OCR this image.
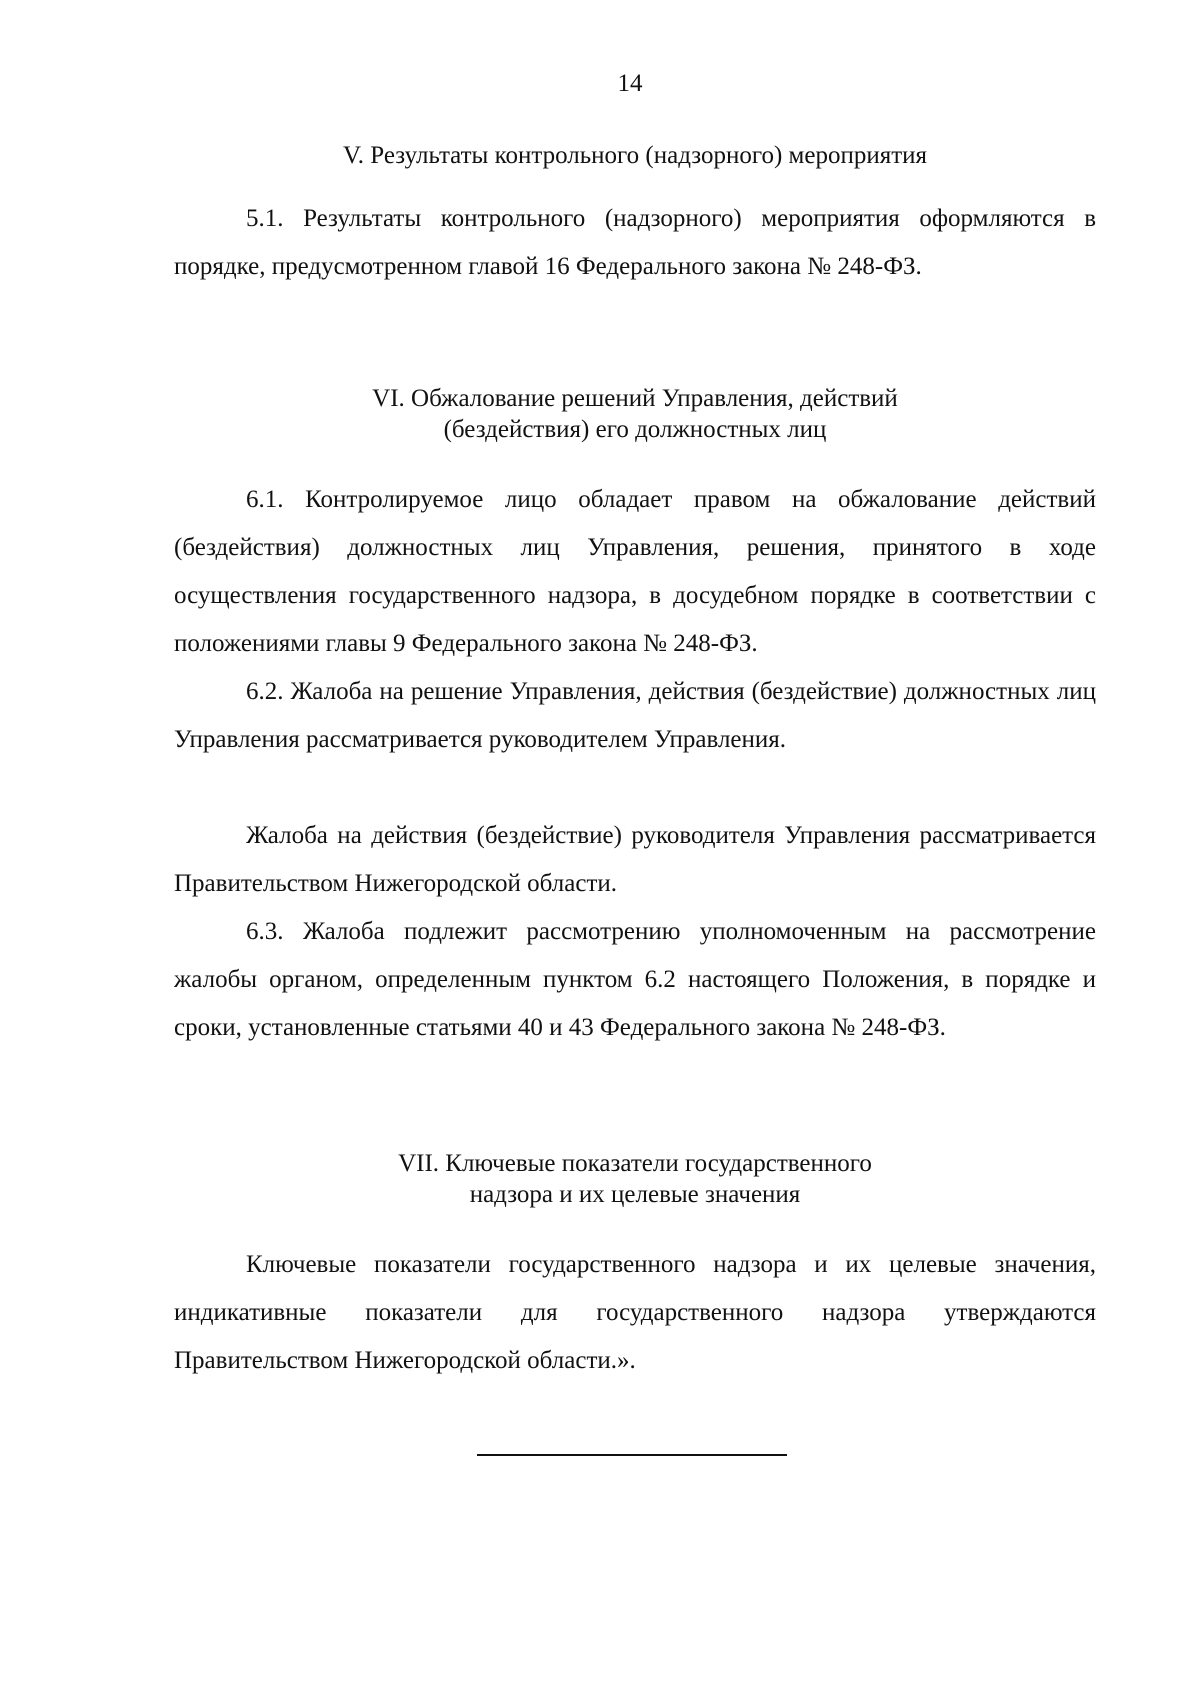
14
V. Результаты контрольного (надзорного) мероприятия

5.1. Результаты контрольного (надзорного) мероприятия оформляются в порядке, предусмотренном главой 16 Федерального закона № 248-ФЗ.

VI. Обжалование решений Управления, действий
(бездействия) его должностных лиц

6.1. Контролируемое лицо обладает правом на обжалование действий (бездействия) должностных лиц Управления, решения, принятого в ходе осуществления государственного надзора, в досудебном порядке в соответствии с положениями главы 9 Федерального закона № 248-ФЗ.

6.2. Жалоба на решение Управления, действия (бездействие) должностных лиц Управления рассматривается руководителем Управления.

Жалоба на действия (бездействие) руководителя Управления рассматривается Правительством Нижегородской области.

6.3. Жалоба подлежит рассмотрению уполномоченным на рассмотрение жалобы органом, определенным пунктом 6.2 настоящего Положения, в порядке и сроки, установленные статьями 40 и 43 Федерального закона № 248-ФЗ.

VII. Ключевые показатели государственного
надзора и их целевые значения

Ключевые показатели государственного надзора и их целевые значения, индикативные показатели для государственного надзора утверждаются Правительством Нижегородской области.».
